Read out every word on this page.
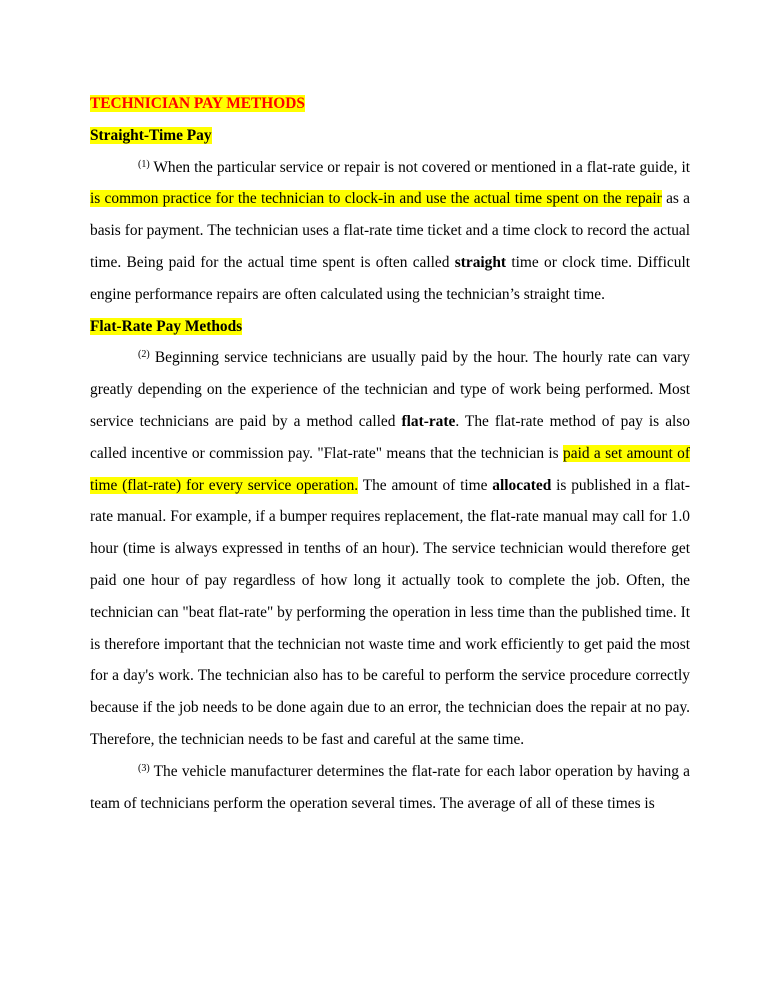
TECHNICIAN PAY METHODS

Straight-Time Pay

$^{(1)}$ When the particular service or repair is not covered or mentioned in a flat-rate guide, it is common practice for the technician to clock-in and use the actual time spent on the repair as a basis for payment. The technician uses a flat-rate time ticket and a time clock to record the actual time. Being paid for the actual time spent is often called straight time or clock time. Difficult engine performance repairs are often calculated using the technician’s straight time.

Flat-Rate Pay Methods

$^{(2)}$ Beginning service technicians are usually paid by the hour. The hourly rate can vary greatly depending on the experience of the technician and type of work being performed. Most service technicians are paid by a method called flat-rate. The flat-rate method of pay is also called incentive or commission pay. "Flat-rate" means that the technician is paid a set amount of time (flat-rate) for every service operation. The amount of time allocated is published in a flat-rate manual. For example, if a bumper requires replacement, the flat-rate manual may call for 1.0 hour (time is always expressed in tenths of an hour). The service technician would therefore get paid one hour of pay regardless of how long it actually took to complete the job. Often, the technician can "beat flat-rate" by performing the operation in less time than the published time. It is therefore important that the technician not waste time and work efficiently to get paid the most for a day's work. The technician also has to be careful to perform the service procedure correctly because if the job needs to be done again due to an error, the technician does the repair at no pay. Therefore, the technician needs to be fast and careful at the same time.

$^{(3)}$ The vehicle manufacturer determines the flat-rate for each labor operation by having a team of technicians perform the operation several times. The average of all of these times is
